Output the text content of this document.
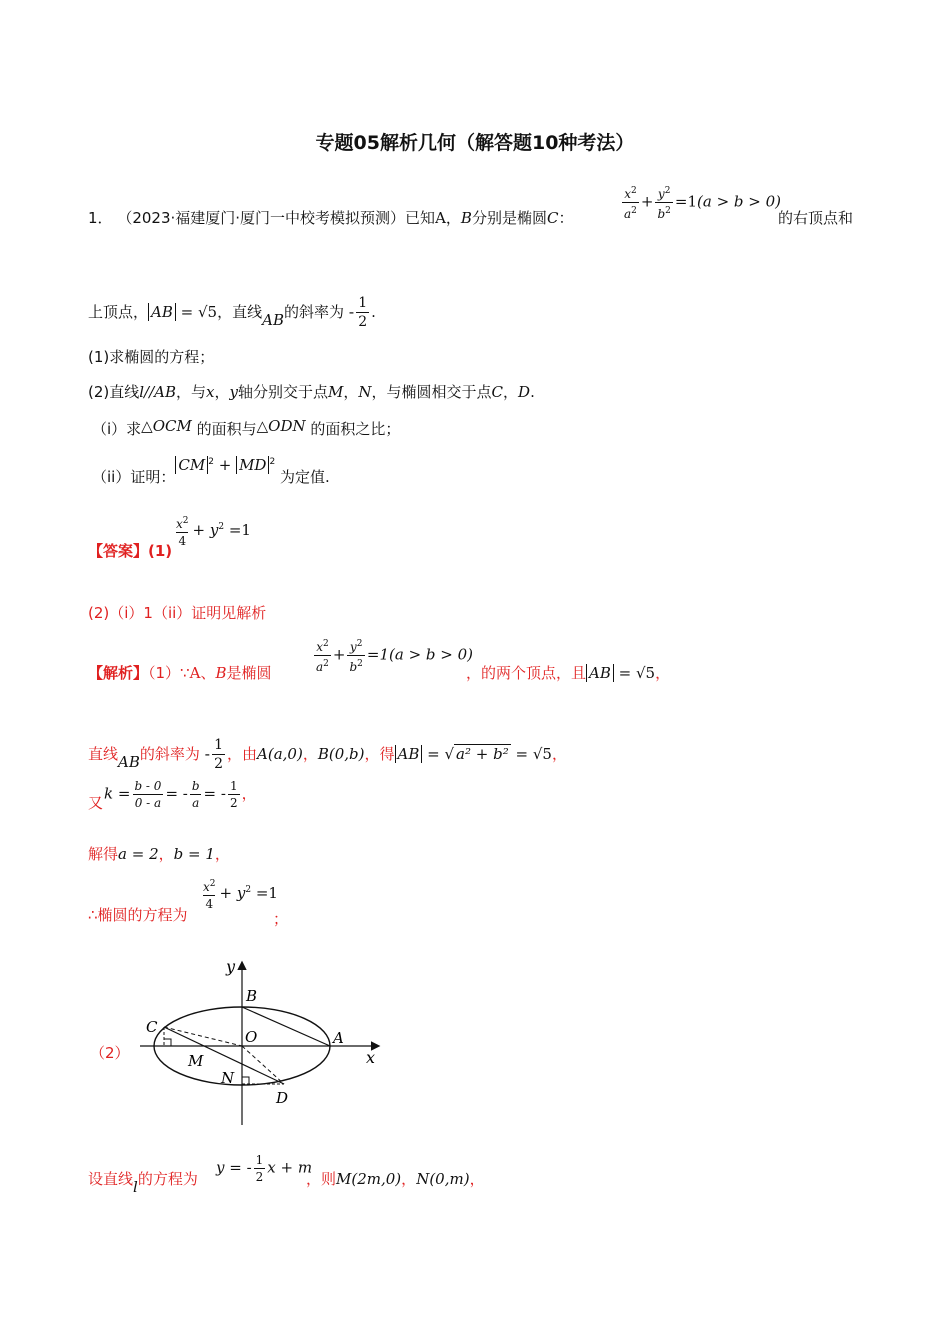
专题05解析几何（解答题10种考法）
1． （2023·福建厦门·厦门一中校考模拟预测）已知A，B分别是椭圆C：	$\frac{x^2}{a^2} + \frac{y^2}{b^2} =1(a > b > 0)$
的右顶点和
上顶点， AB = √5，直线AB的斜率为 - $\frac{1}{2}$ .
(1)求椭圆的方程；
(2)直线l//AB，与x，y轴分别交于点M，N，与椭圆相交于点C，D.
（i）求△OCM 的面积与△ODN 的面积之比；
（ii）证明：CM $^2$ + MD $^2$ 为定值.
【答案】(1)
$\frac{x^2}{4} + y^2 =1$
(2)（i）1（ii）证明见解析
【解析】（1）∵A、B是椭圆	$\frac{x^2}{a^2} + \frac{y^2}{b^2} =1(a > b > 0)$
，的两个顶点，且 AB = √5，
直线AB的斜率为 - $\frac{1}{2}$ ，由A(a,0)，B(0,b)，得 AB = √ a² + b² = √5，
又
$k = \frac{b - 0}{0 - a}$ = - $\frac{b}{a}$ = - $\frac{1}{2}$ ，
解得a = 2，b = 1，
∴椭圆的方程为
$\frac{x^2}{4} + y^2 =1$
；
（2）
y
x
B
C
O	A
M
N
D
设直线l的方程为
y = - $\frac{1}{2}$ x + m
，则M(2m,0)，N(0,m)，
